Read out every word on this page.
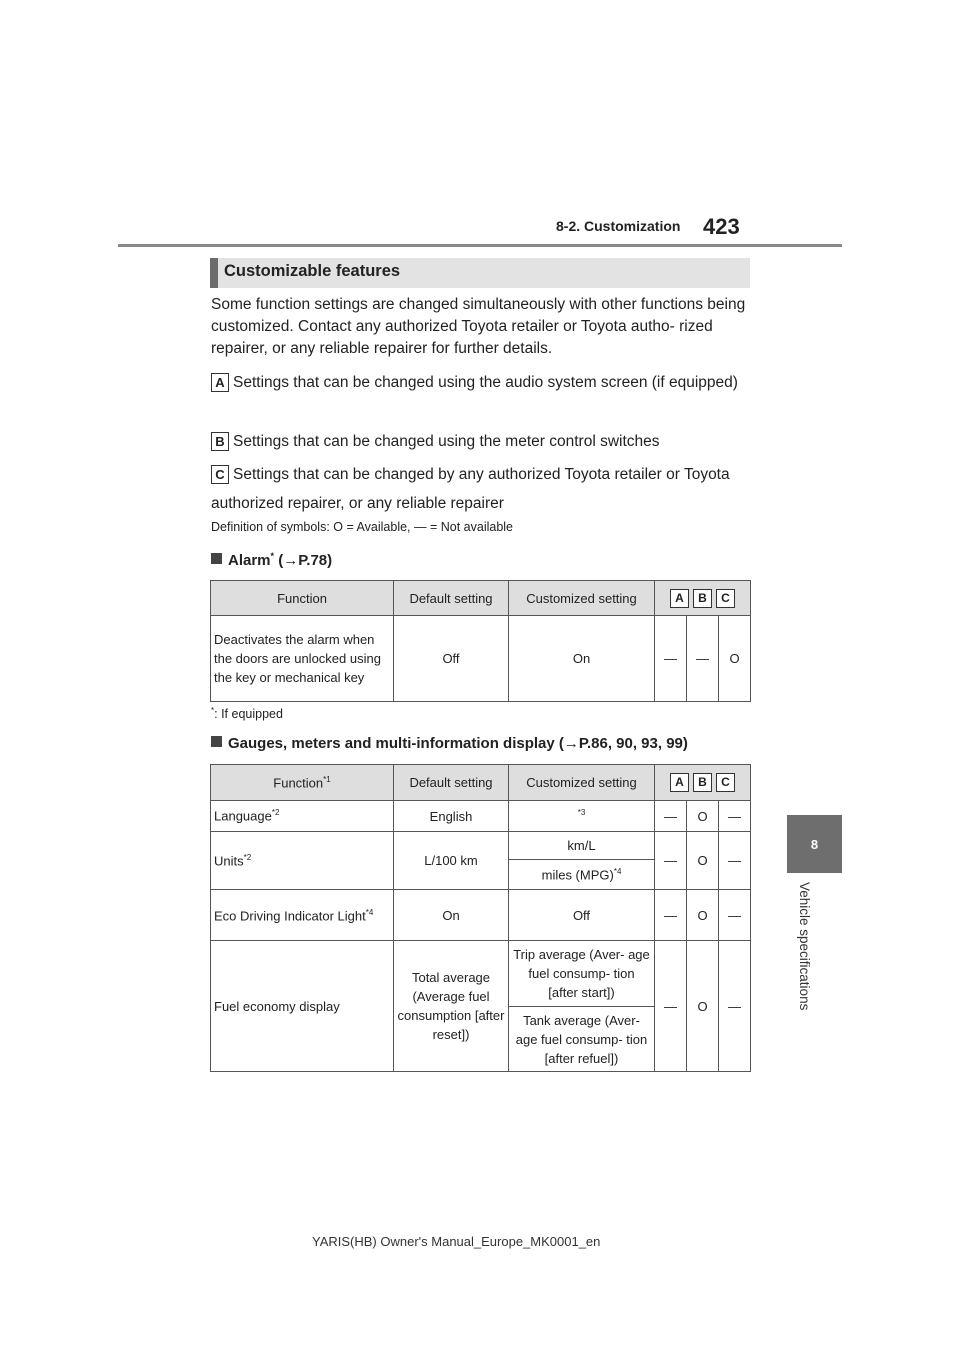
8-2. Customization 423
8
Vehicle specifications
Customizable features
Some function settings are changed simultaneously with other functions being customized. Contact any authorized Toyota retailer or Toyota autho- rized repairer, or any reliable repairer for further details.
A Settings that can be changed using the audio system screen (if equipped)
B Settings that can be changed using the meter control switches
C Settings that can be changed by any authorized Toyota retailer or Toyota authorized repairer, or any reliable repairer
Definition of symbols: O = Available, — = Not available
Alarm* (→P.78)
Function	Default setting	Customized setting	A B C		

Deactivates the alarm when the doors are unlocked using the key or mechanical key	Off	On	—	—	O
*: If equipped
Gauges, meters and multi-information display (→P.86, 90, 93, 99)
Function$^{*1}$	Default setting	Customized setting	A B C		

Language$^{*2}$	English	$^{*3}$	—	O	—
Units$^{*2}$	L/100 km	km/L	—	O	—
		miles (MPG)$^{*4}$
Eco Driving Indicator Light$^{*4}$	On	Off	—	O	—
Fuel economy display	Total average (Average fuel consumption [after reset])	Trip average (Aver- age fuel consump- tion [after start])	—	O	—
		Tank average (Aver- age fuel consump- tion [after refuel])			
YARIS(HB) Owner's Manual_Europe_MK0001_en
